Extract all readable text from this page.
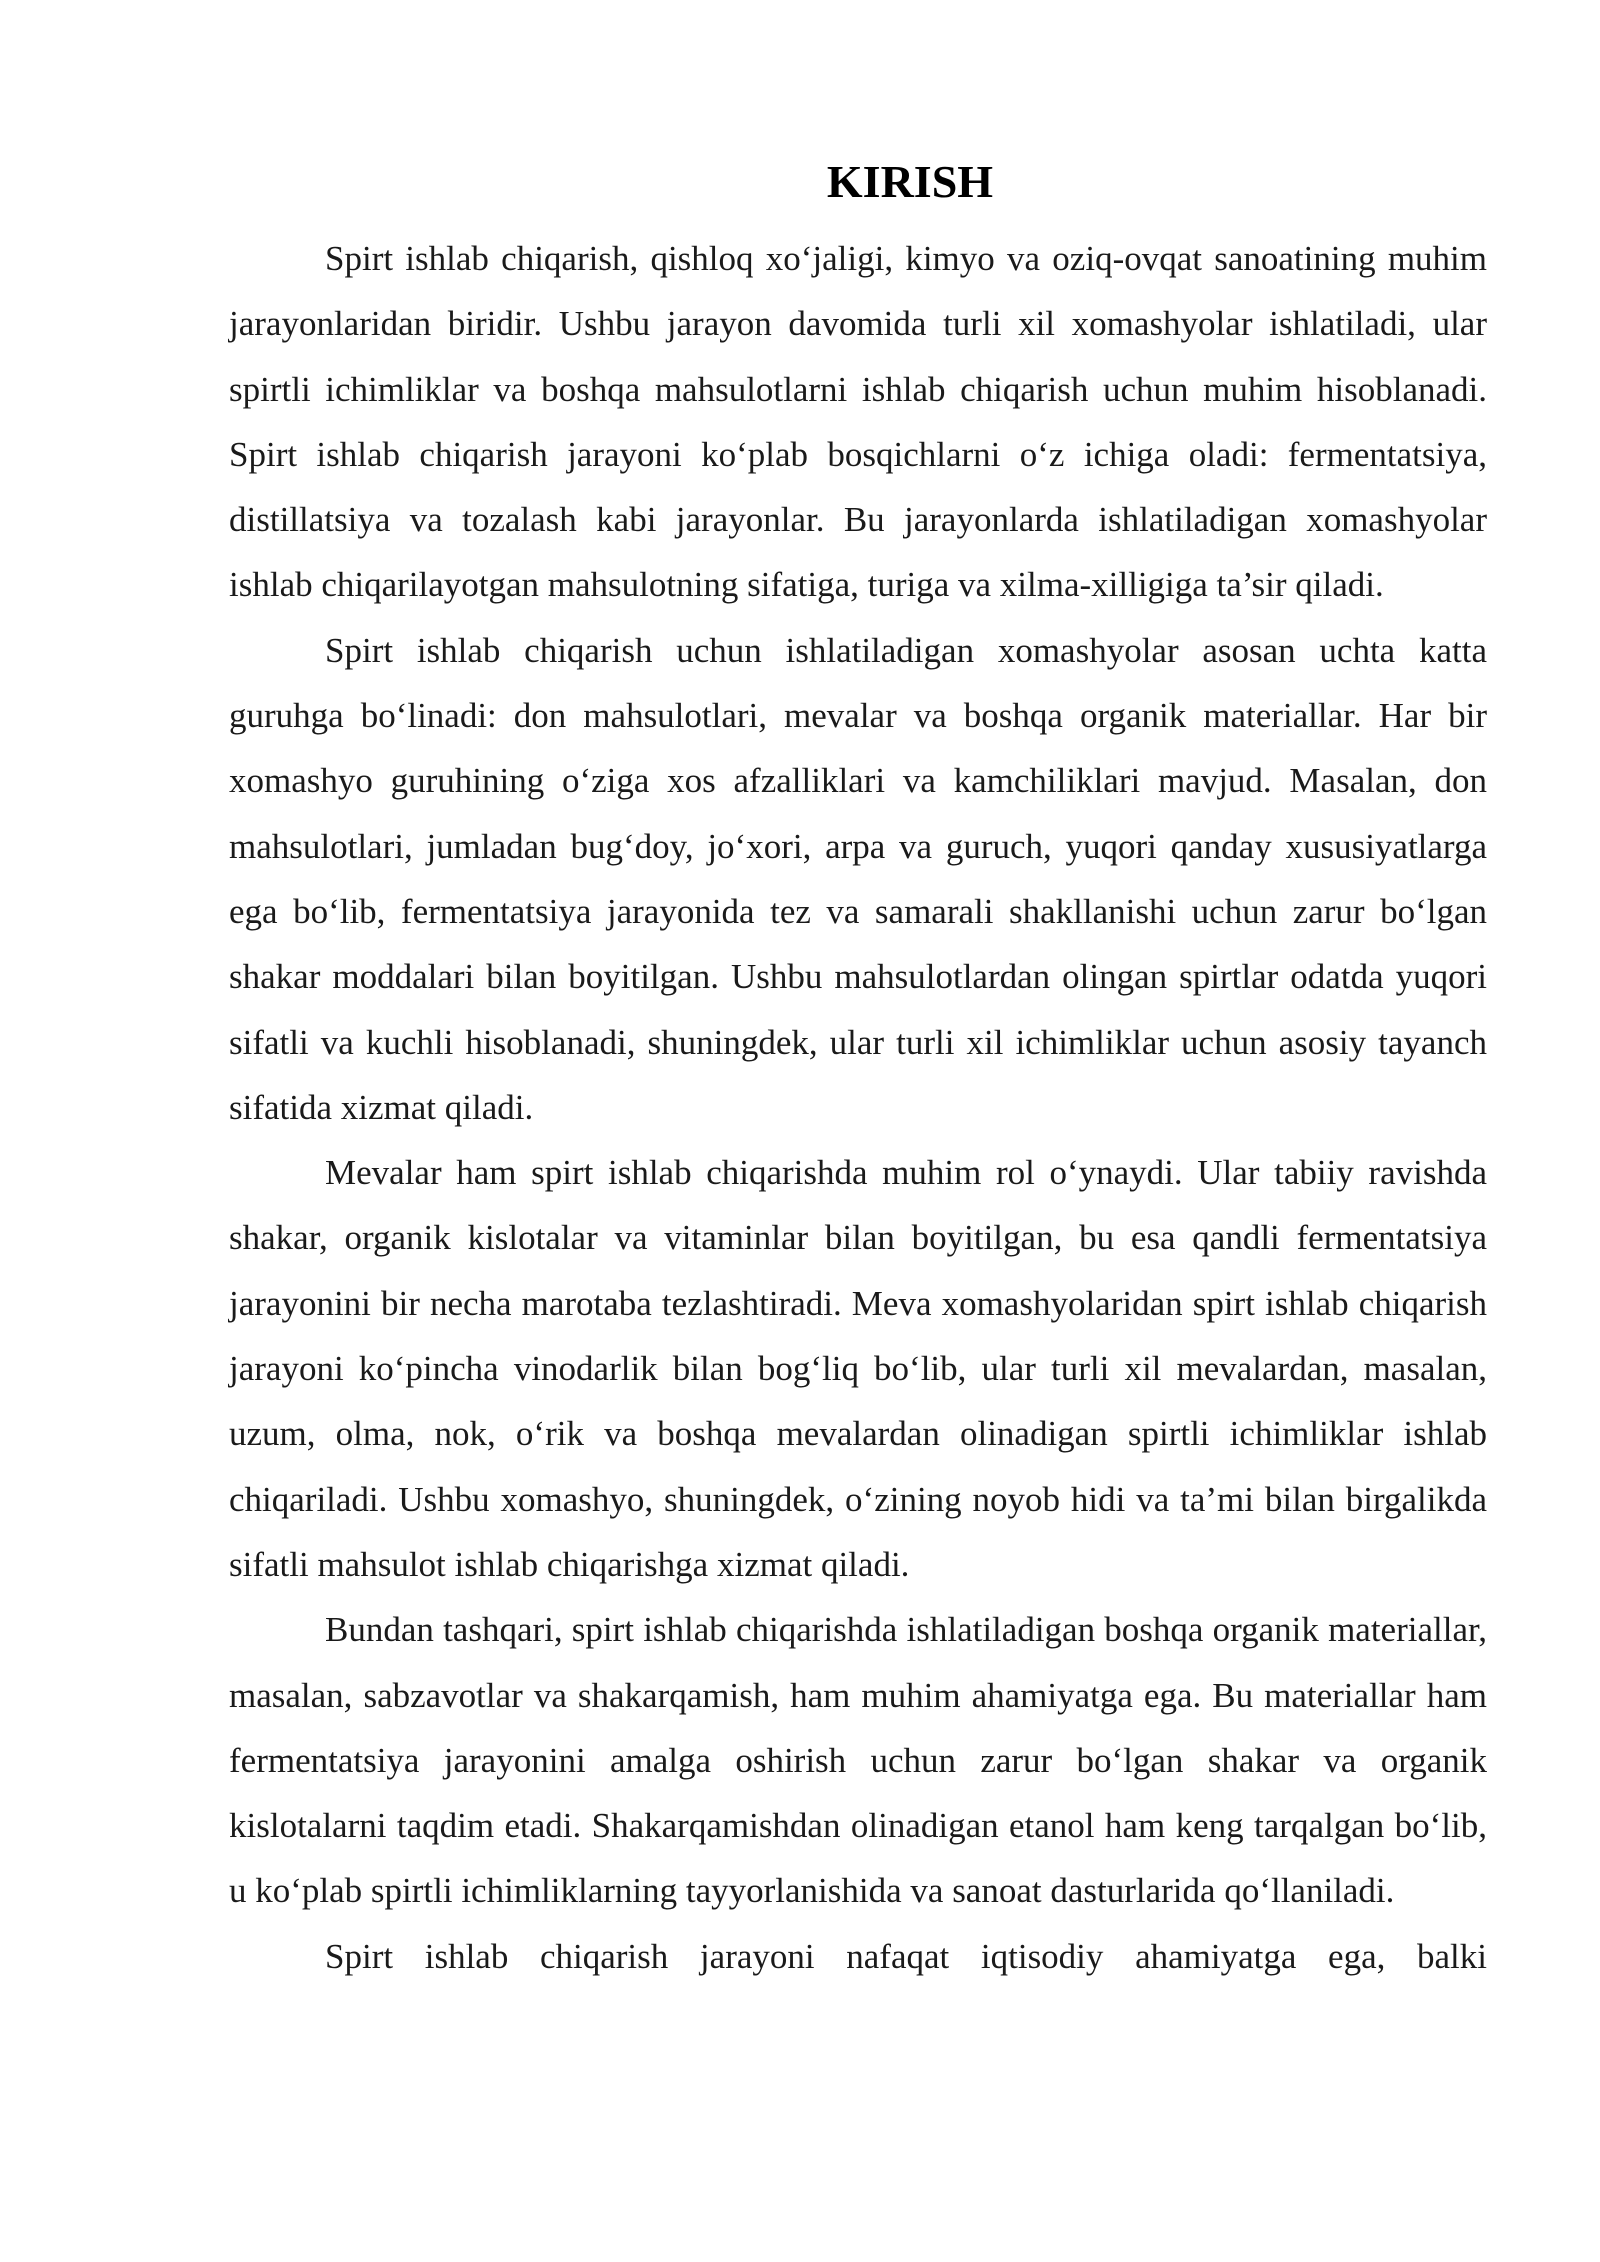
KIRISH

Spirt ishlab chiqarish, qishloq xo‘jaligi, kimyo va oziq-ovqat sanoatining muhim jarayonlaridan biridir. Ushbu jarayon davomida turli xil xomashyolar ishlatiladi, ular spirtli ichimliklar va boshqa mahsulotlarni ishlab chiqarish uchun muhim hisoblanadi. Spirt ishlab chiqarish jarayoni ko‘plab bosqichlarni o‘z ichiga oladi: fermentatsiya, distillatsiya va tozalash kabi jarayonlar. Bu jarayonlarda ishlatiladigan xomashyolar ishlab chiqarilayotgan mahsulotning sifatiga, turiga va xilma-xilligiga ta’sir qiladi.

Spirt ishlab chiqarish uchun ishlatiladigan xomashyolar asosan uchta katta guruhga bo‘linadi: don mahsulotlari, mevalar va boshqa organik materiallar. Har bir xomashyo guruhining o‘ziga xos afzalliklari va kamchiliklari mavjud. Masalan, don mahsulotlari, jumladan bug‘doy, jo‘xori, arpa va guruch, yuqori qanday xususiyatlarga ega bo‘lib, fermentatsiya jarayonida tez va samarali shakllanishi uchun zarur bo‘lgan shakar moddalari bilan boyitilgan. Ushbu mahsulotlardan olingan spirtlar odatda yuqori sifatli va kuchli hisoblanadi, shuningdek, ular turli xil ichimliklar uchun asosiy tayanch sifatida xizmat qiladi.

Mevalar ham spirt ishlab chiqarishda muhim rol o‘ynaydi. Ular tabiiy ravishda shakar, organik kislotalar va vitaminlar bilan boyitilgan, bu esa qandli fermentatsiya jarayonini bir necha marotaba tezlashtiradi. Meva xomashyolaridan spirt ishlab chiqarish jarayoni ko‘pincha vinodarlik bilan bog‘liq bo‘lib, ular turli xil mevalardan, masalan, uzum, olma, nok, o‘rik va boshqa mevalardan olinadigan spirtli ichimliklar ishlab chiqariladi. Ushbu xomashyo, shuningdek, o‘zining noyob hidi va ta’mi bilan birgalikda sifatli mahsulot ishlab chiqarishga xizmat qiladi.

Bundan tashqari, spirt ishlab chiqarishda ishlatiladigan boshqa organik materiallar, masalan, sabzavotlar va shakarqamish, ham muhim ahamiyatga ega. Bu materiallar ham fermentatsiya jarayonini amalga oshirish uchun zarur bo‘lgan shakar va organik kislotalarni taqdim etadi. Shakarqamishdan olinadigan etanol ham keng tarqalgan bo‘lib, u ko‘plab spirtli ichimliklarning tayyorlanishida va sanoat dasturlarida qo‘llaniladi.

Spirt ishlab chiqarish jarayoni nafaqat iqtisodiy ahamiyatga ega, balki
